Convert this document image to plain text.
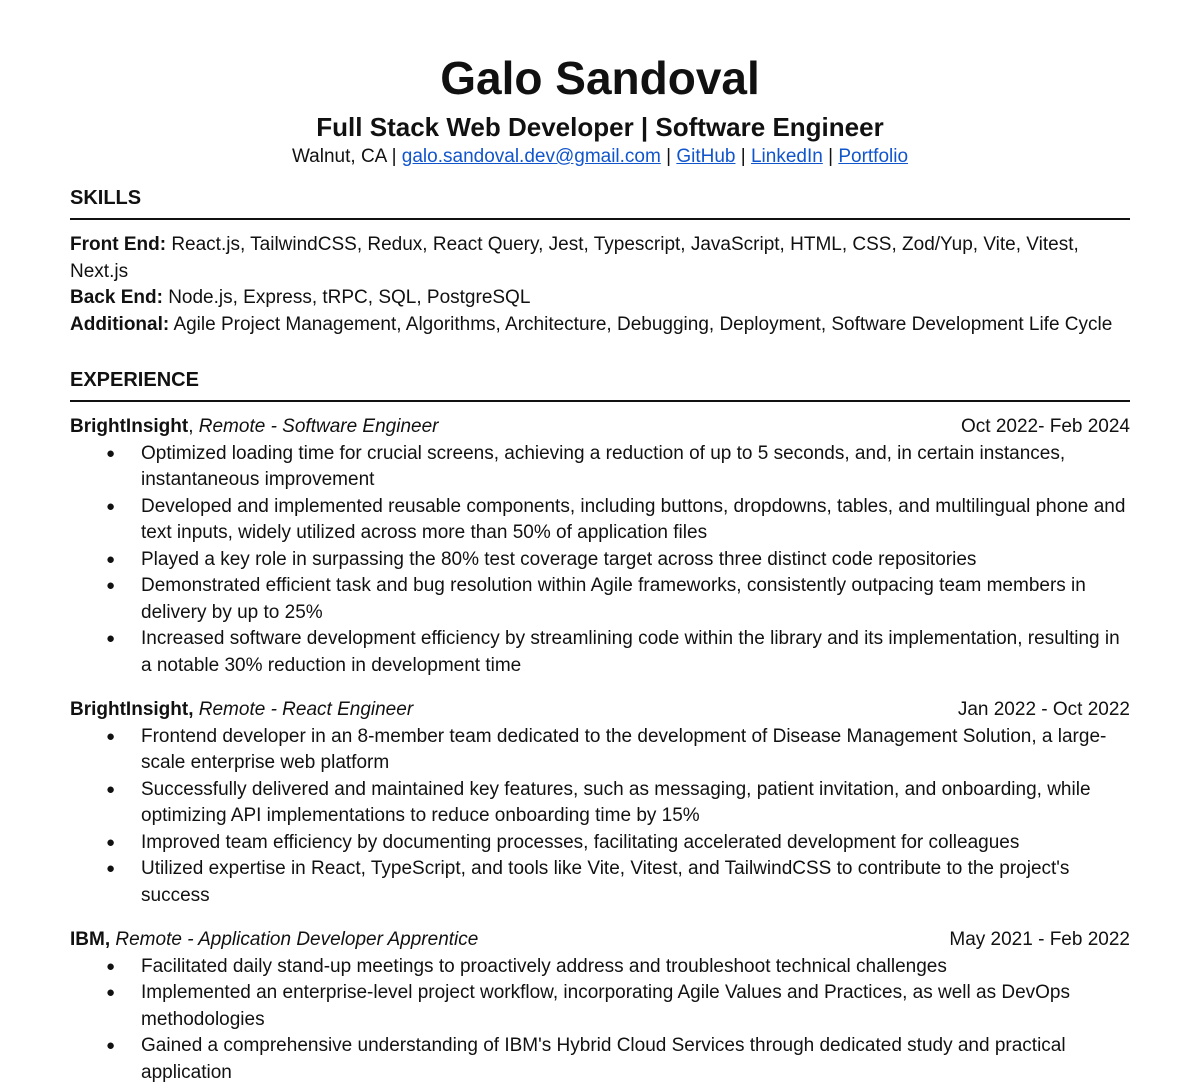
Galo Sandoval
Full Stack Web Developer | Software Engineer
Walnut, CA | galo.sandoval.dev@gmail.com | GitHub | LinkedIn | Portfolio
SKILLS
Front End: React.js, TailwindCSS, Redux, React Query, Jest, Typescript, JavaScript, HTML, CSS, Zod/Yup, Vite, Vitest, Next.js
Back End: Node.js, Express, tRPC, SQL, PostgreSQL
Additional: Agile Project Management, Algorithms, Architecture, Debugging, Deployment, Software Development Life Cycle
EXPERIENCE
BrightInsight, Remote - Software Engineer	Oct 2022- Feb 2024
● Optimized loading time for crucial screens, achieving a reduction of up to 5 seconds, and, in certain instances, instantaneous improvement
● Developed and implemented reusable components, including buttons, dropdowns, tables, and multilingual phone and text inputs, widely utilized across more than 50% of application files
● Played a key role in surpassing the 80% test coverage target across three distinct code repositories
● Demonstrated efficient task and bug resolution within Agile frameworks, consistently outpacing team members in delivery by up to 25%
● Increased software development efficiency by streamlining code within the library and its implementation, resulting in a notable 30% reduction in development time
BrightInsight, Remote - React Engineer	Jan 2022 - Oct 2022
● Frontend developer in an 8-member team dedicated to the development of Disease Management Solution, a large-scale enterprise web platform
● Successfully delivered and maintained key features, such as messaging, patient invitation, and onboarding, while optimizing API implementations to reduce onboarding time by 15%
● Improved team efficiency by documenting processes, facilitating accelerated development for colleagues
● Utilized expertise in React, TypeScript, and tools like Vite, Vitest, and TailwindCSS to contribute to the project's success
IBM, Remote - Application Developer Apprentice	May 2021 - Feb 2022
● Facilitated daily stand-up meetings to proactively address and troubleshoot technical challenges
● Implemented an enterprise-level project workflow, incorporating Agile Values and Practices, as well as DevOps methodologies
● Gained a comprehensive understanding of IBM's Hybrid Cloud Services through dedicated study and practical application
